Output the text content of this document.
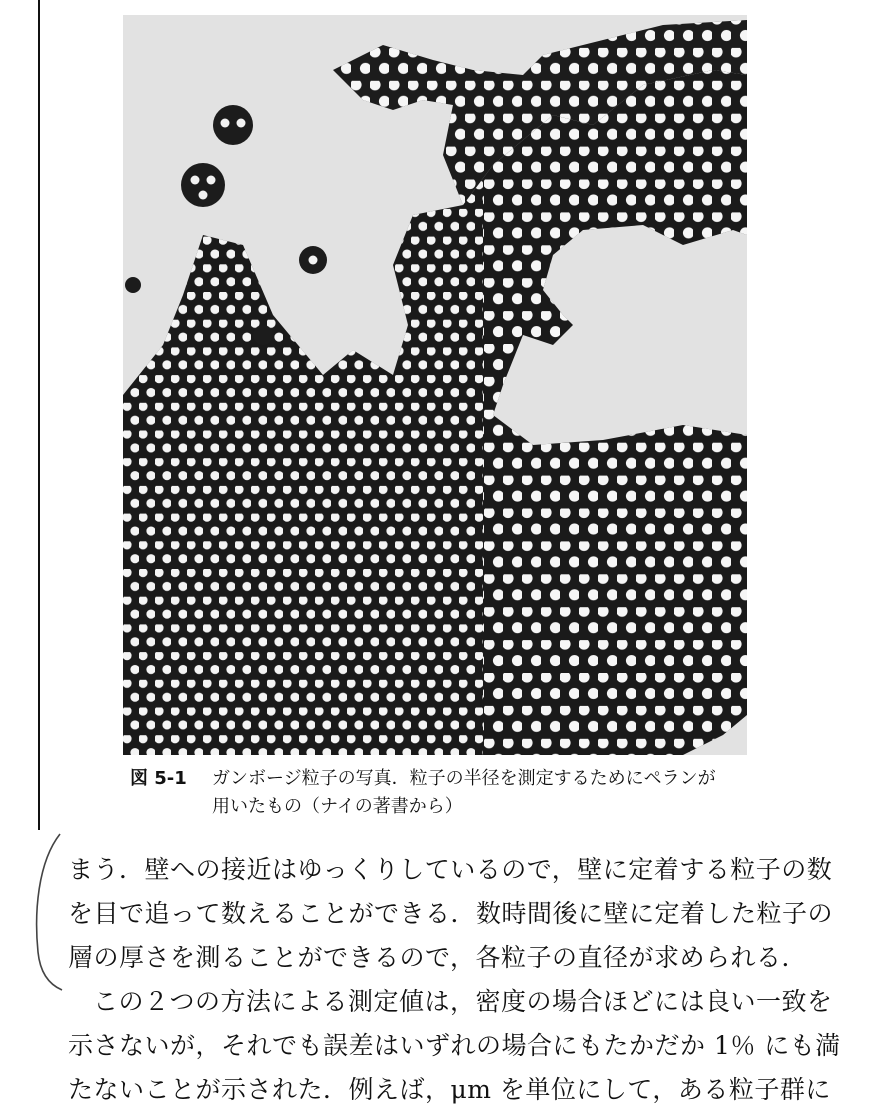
図 5-1	ガンボージ粒子の写真．粒子の半径を測定するためにペランが
用いたもの（ナイの著書から）
まう．壁への接近はゆっくりしているので，壁に定着する粒子の数
を目で追って数えることができる．数時間後に壁に定着した粒子の
層の厚さを測ることができるので，各粒子の直径が求められる．
この２つの方法による測定値は，密度の場合ほどには良い一致を
示さないが，それでも誤差はいずれの場合にもたかだか 1％ にも満
たないことが示された．例えば，μm を単位にして，ある粒子群に
